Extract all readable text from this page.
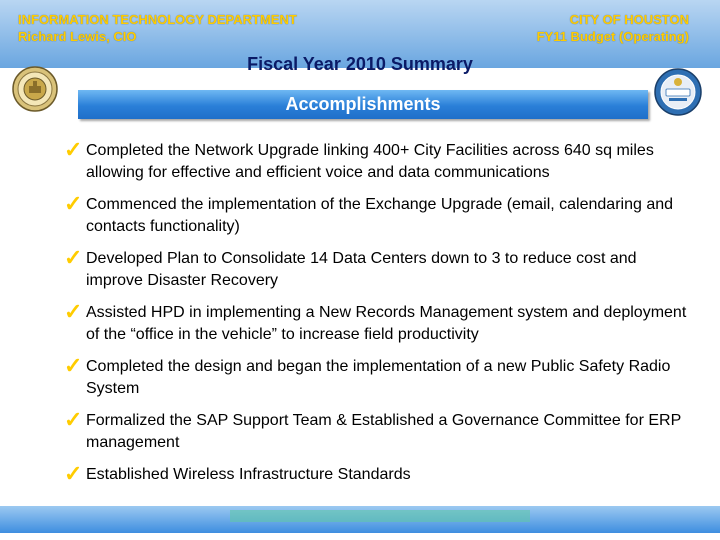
INFORMATION TECHNOLOGY DEPARTMENT
Richard Lewis, CIO
CITY OF HOUSTON
FY11 Budget (Operating)
Fiscal Year 2010 Summary
Accomplishments
✓ Completed the Network Upgrade linking 400+ City Facilities across 640 sq miles allowing for effective and efficient voice and data communications
✓ Commenced the implementation of the Exchange Upgrade (email, calendaring and contacts functionality)
✓ Developed Plan to Consolidate 14 Data Centers down to 3 to reduce cost and improve Disaster Recovery
✓ Assisted HPD in implementing a New Records Management system and deployment of the “office in the vehicle” to increase field productivity
✓ Completed the design and began the implementation of a new Public Safety Radio System
✓ Formalized the SAP Support Team & Established a Governance Committee for ERP management
✓ Established Wireless Infrastructure Standards
